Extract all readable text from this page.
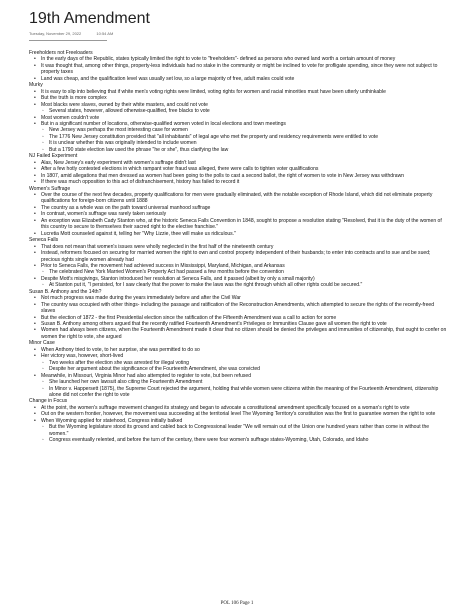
19th Amendment
Tuesday, November 29, 2022	10:54 AM
Freeholders not Freeloaders
• In the early days of the Republic, states typically limited the right to vote to "freeholders"- defined as persons who owned land worth a certain amount of money
• It was thought that, among other things, property-less individuals had no stake in the community or might be inclined to vote for profligate spending, since they were not subject to property taxes
• Land was cheap, and the qualification level was usually set low, so a large majority of free, adult males could vote
Murky
• It is easy to slip into believing that if white men's voting rights were limited, voting rights for women and racial minorities must have been utterly unthinkable
• But the truth is more complex
• Most blacks were slaves, owned by their white masters, and could not vote
◦ Several states, however, allowed otherwise-qualified, free blacks to vote
• Most women couldn't vote
• But in a significant number of locations, otherwise-qualified women voted in local elections and town meetings
◦ New Jersey was perhaps the most interesting case for women
◦ The 1776 New Jersey constitution provided that "all inhabitants" of legal age who met the property and residency requirements were entitled to vote
◦ It is unclear whether this was originally intended to include women
◦ But a 1790 state election law used the phrase "he or she", thus clarifying the law
NJ Failed Experiment
• Alas, New Jersey's early experiment with women's suffrage didn't last
• After a few hotly contested elections in which rampant voter fraud was alleged, there were calls to tighten voter qualifications
• In 1807, amid allegations that men dressed as women had been going to the polls to cast a second ballot, the right of women to vote in New Jersey was withdrawn
• If there was much opposition to this act of disfranchisement, history has failed to record it
Women's Suffrage
• Over the course of the next few decades, property qualifications for men were gradually eliminated, with the notable exception of Rhode Island, which did not eliminate property qualifications for foreign-born citizens until 1888
• The country as a whole was on the path toward universal manhood suffrage
• In contrast, women's suffrage was rarely taken seriously
• An exception was Elizabeth Cady Stanton who, at the historic Seneca Falls Convention in 1848, sought to propose a resolution stating "Resolved, that it is the duty of the women of this country to secure to themselves their sacred right to the elective franchise."
• Lucretia Mott counseled against it, telling her "Why Lizzie, thee will make us ridiculous."
Seneca Falls
• That does not mean that women's issues were wholly neglected in the first half of the nineteenth century
• Instead, reformers focused on securing for married women the right to own and control property independent of their husbands; to enter into contracts and to sue and be sued; precious rights single women already had
• Prior to Seneca Falls, the movement had achieved success in Mississippi, Maryland, Michigan, and Arkansas
◦ The celebrated New York Married Women's Property Act had passed a few months before the convention
• Despite Mott's misgivings, Stanton introduced her resolution at Seneca Falls, and it passed (albeit by only a small majority)
◦ At Stanton put it, "I persisted, for I saw clearly that the power to make the laws was the right through which all other rights could be secured."
Susan B. Anthony and the 14th?
• Not much progress was made during the years immediately before and after the Civil War
• The country was occupied with other things- including the passage and ratification of the Reconstruction Amendments, which attempted to secure the rights of the recently-freed slaves
• But the election of 1872 - the first Presidential election since the ratification of the Fifteenth Amendment was a call to action for some
• Susan B. Anthony among others argued that the recently ratified Fourteenth Amendment's Privileges or Immunities Clause gave all women the right to vote
• Women had always been citizens, when the Fourteenth Amendment made it clear that no citizen should be denied the privileges and immunities of citizenship, that ought to confer on women the right to vote, she argued
Minor Case
• When Anthony tried to vote, to her surprise, she was permitted to do so
• Her victory was, however, short-lived
◦ Two weeks after the election she was arrested for illegal voting
◦ Despite her argument about the significance of the Fourteenth Amendment, she was convicted
• Meanwhile, in Missouri, Virginia Minor had also attempted to register to vote, but been refused
◦ She launched her own lawsuit also citing the Fourteenth Amendment
◦ In Minor v. Happersett (1875), the Supreme Court rejected the argument, holding that while women were citizens within the meaning of the Fourteenth Amendment, citizenship alone did not confer the right to vote
Change in Focus
• At the point, the women's suffrage movement changed its strategy and began to advocate a constitutional amendment specifically focused on a woman's right to vote
• Out on the western frontier, however, the movement was succeeding at the territorial level The Wyoming Territory's constitution was the first to guarantee women the right to vote
• When Wyoming applied for statehood, Congress initially balked
◦ But the Wyoming legislature stood its ground and cabled back to Congressional leader "We will remain out of the Union one hundred years rather than come in without the women."
◦ Congress eventually relented, and before the turn of the century, there were four women's suffrage states-Wyoming, Utah, Colorado, and Idaho
POL 106 Page 1
